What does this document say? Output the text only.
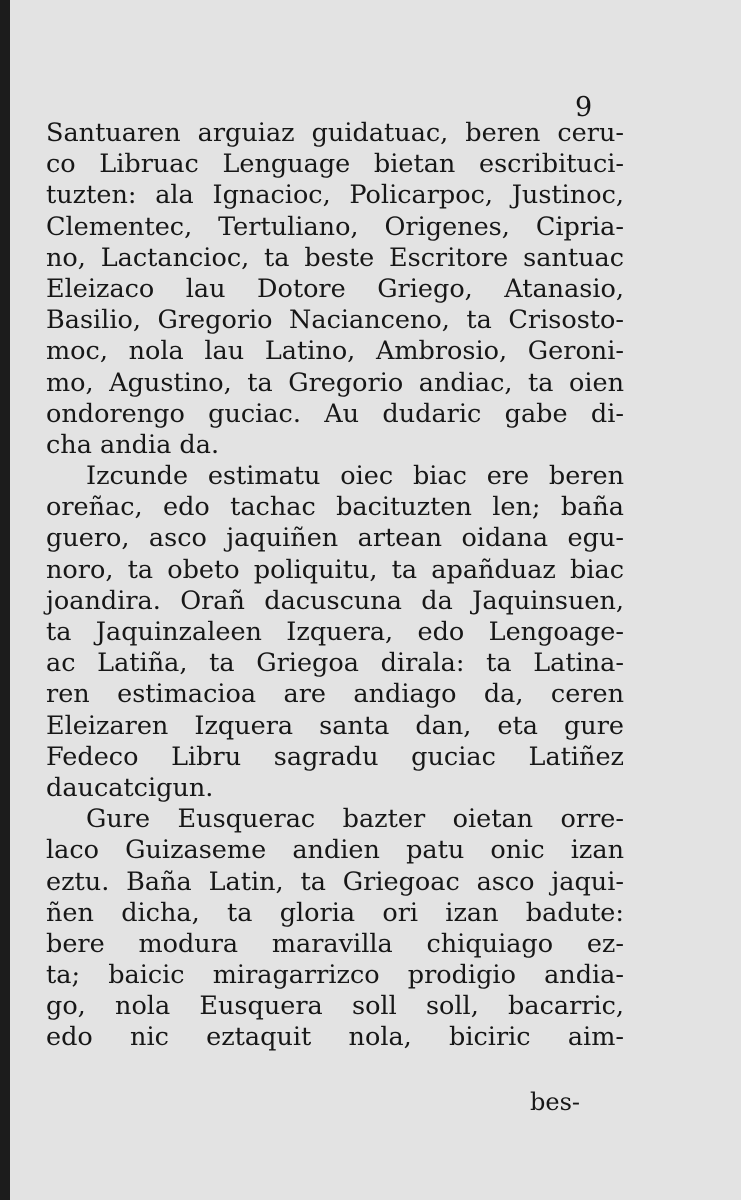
9
Santuaren arguiaz guidatuac, beren ceru-
co Libruac Lenguage bietan escribituci-
tuzten: ala Ignacioc, Policarpoc, Justinoc,
Clementec, Tertuliano, Origenes, Cipria-
no, Lactancioc, ta beste Escritore santuac
Eleizaco lau Dotore Griego, Atanasio,
Basilio, Gregorio Nacianceno, ta Crisosto-
moc, nola lau Latino, Ambrosio, Geroni-
mo, Agustino, ta Gregorio andiac, ta oien
ondorengo guciac. Au dudaric gabe di-
cha andia da.
Izcunde estimatu oiec biac ere beren
oreñac, edo tachac bacituzten len; baña
guero, asco jaquiñen artean oidana egu-
noro, ta obeto poliquitu, ta apañduaz biac
joandira. Orañ dacuscuna da Jaquinsuen,
ta Jaquinzaleen Izquera, edo Lengoage-
ac Latiña, ta Griegoa dirala: ta Latina-
ren estimacioa are andiago da, ceren
Eleizaren Izquera santa dan, eta gure
Fedeco Libru sagradu guciac Latiñez
daucatcigun.
Gure Eusquerac bazter oietan orre-
laco Guizaseme andien patu onic izan
eztu. Baña Latin, ta Griegoac asco jaqui-
ñen dicha, ta gloria ori izan badute:
bere modura maravilla chiquiago ez-
ta; baicic miragarrizco prodigio andia-
go, nola Eusquera soll soll, bacarric,
edo nic eztaquit nola, biciric aim-
bes-
